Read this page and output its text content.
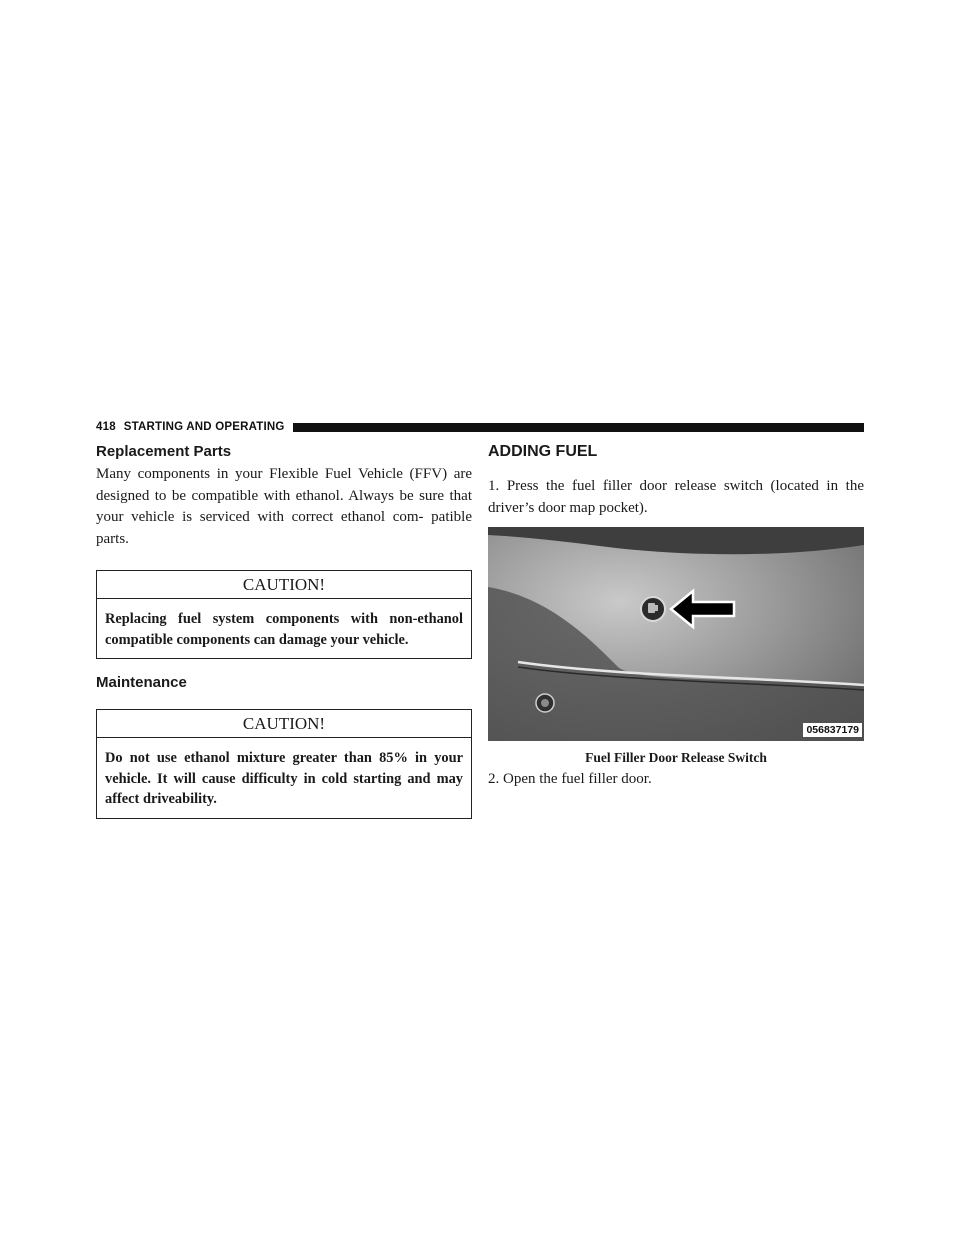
418 STARTING AND OPERATING
Replacement Parts

Many components in your Flexible Fuel Vehicle (FFV) are designed to be compatible with ethanol. Always be sure that your vehicle is serviced with correct ethanol com- patible parts.

CAUTION!
Replacing fuel system components with non-ethanol compatible components can damage your vehicle.
Maintenance
CAUTION!
Do not use ethanol mixture greater than 85% in your vehicle. It will cause difficulty in cold starting and may affect driveability.
ADDING FUEL

1. Press the fuel filler door release switch (located in the driver’s door map pocket).

056837179
Fuel Filler Door Release Switch

2. Open the fuel filler door.
